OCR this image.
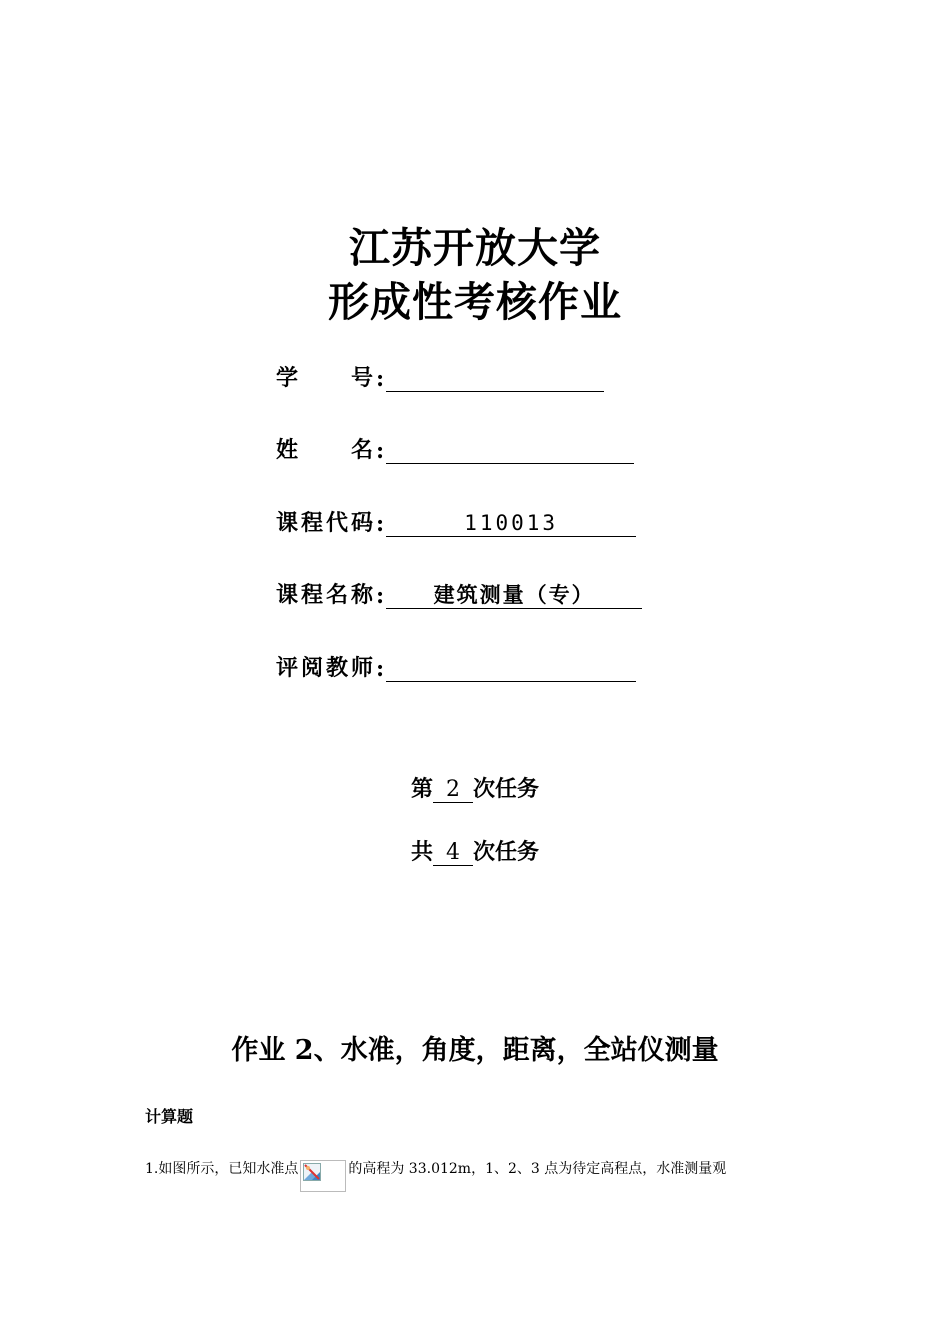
江苏开放大学
形成性考核作业
学　　号 :
姓　　名 :
课程代码 :	110013
课程名称 :	建筑测量（专）
评阅教师 :
第 2 次任务
共 4 次任务
作业 2、水准，角度，距离，全站仪测量
计算题
1.如图所示，已知水准点	的高程为 33.012m，1、2、3 点为待定高程点，水准测量观
